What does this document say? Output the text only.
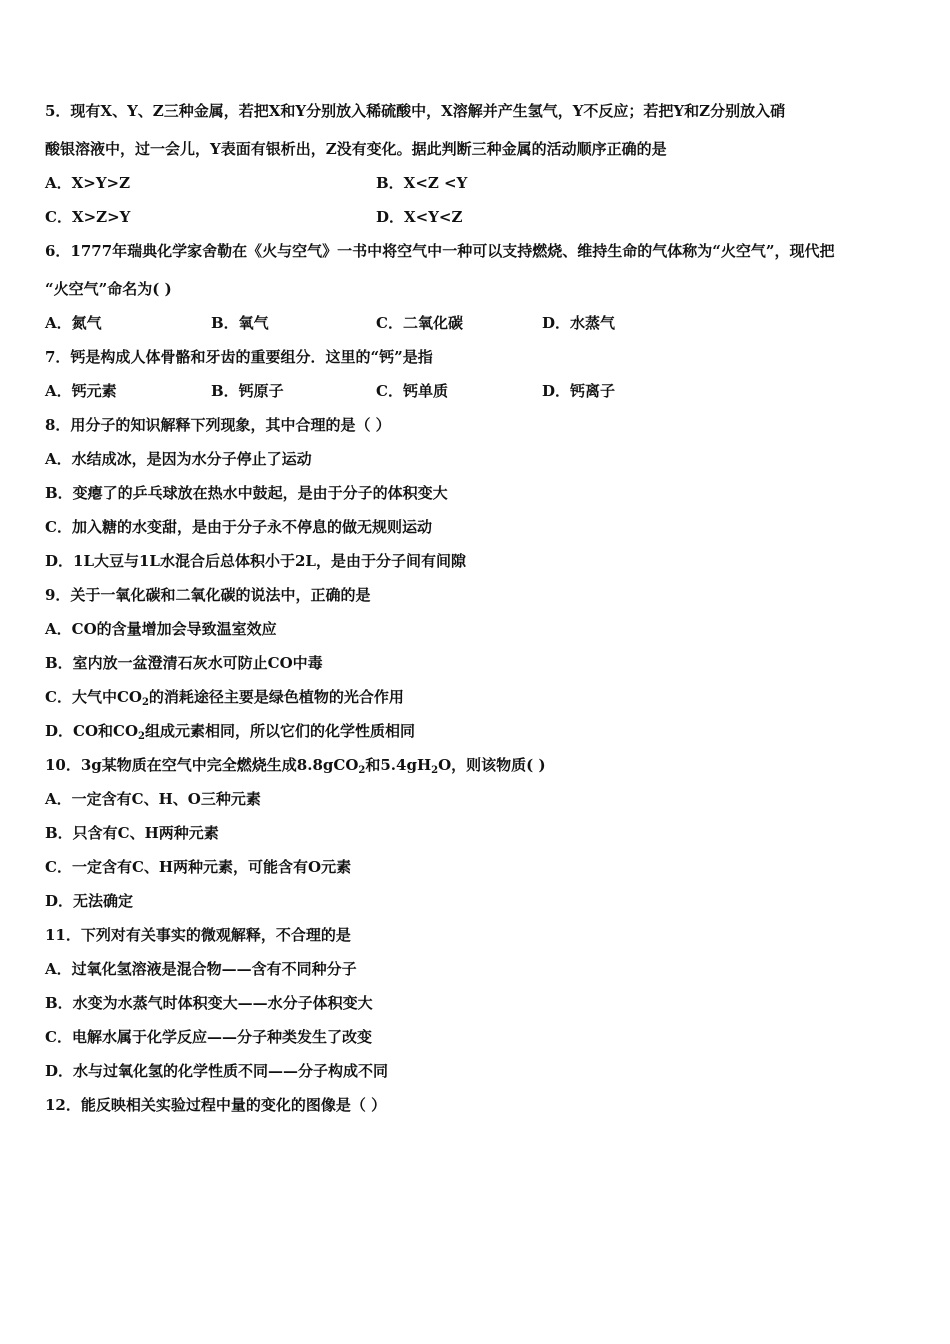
5．现有X、Y、Z三种金属，若把X和Y分别放入稀硫酸中，X溶解并产生氢气，Y不反应；若把Y和Z分别放入硝
酸银溶液中，过一会儿，Y表面有银析出，Z没有变化。据此判断三种金属的活动顺序正确的是
A．X>Y>Z	B．X<Z <Y
C．X>Z>Y	D．X<Y<Z
6．1777年瑞典化学家舍勒在《火与空气》一书中将空气中一种可以支持燃烧、维持生命的气体称为“火空气”，现代把
“火空气”命名为( )
A．氮气	B．氧气	C．二氧化碳	D．水蒸气
7．钙是构成人体骨骼和牙齿的重要组分．这里的“钙”是指
A．钙元素	B．钙原子	C．钙单质	D．钙离子
8．用分子的知识解释下列现象，其中合理的是（ ）
A．水结成冰，是因为水分子停止了运动
B．变瘪了的乒乓球放在热水中鼓起，是由于分子的体积变大
C．加入糖的水变甜，是由于分子永不停息的做无规则运动
D．1L大豆与1L水混合后总体积小于2L，是由于分子间有间隙
9．关于一氧化碳和二氧化碳的说法中，正确的是
A．CO的含量增加会导致温室效应
B．室内放一盆澄清石灰水可防止CO中毒
C．大气中$CO_2$的消耗途径主要是绿色植物的光合作用
D．CO和$CO_2$组成元素相同，所以它们的化学性质相同
10．3g某物质在空气中完全燃烧生成8.8gCO$_2$和$5.4gH_2O$，则该物质( )
A．一定含有C、H、O三种元素
B．只含有C、H两种元素
C．一定含有C、H两种元素，可能含有O元素
D．无法确定
11．下列对有关事实的微观解释，不合理的是
A．过氧化氢溶液是混合物——含有不同种分子
B．水变为水蒸气时体积变大——水分子体积变大
C．电解水属于化学反应——分子种类发生了改变
D．水与过氧化氢的化学性质不同——分子构成不同
12．能反映相关实验过程中量的变化的图像是（ ）
